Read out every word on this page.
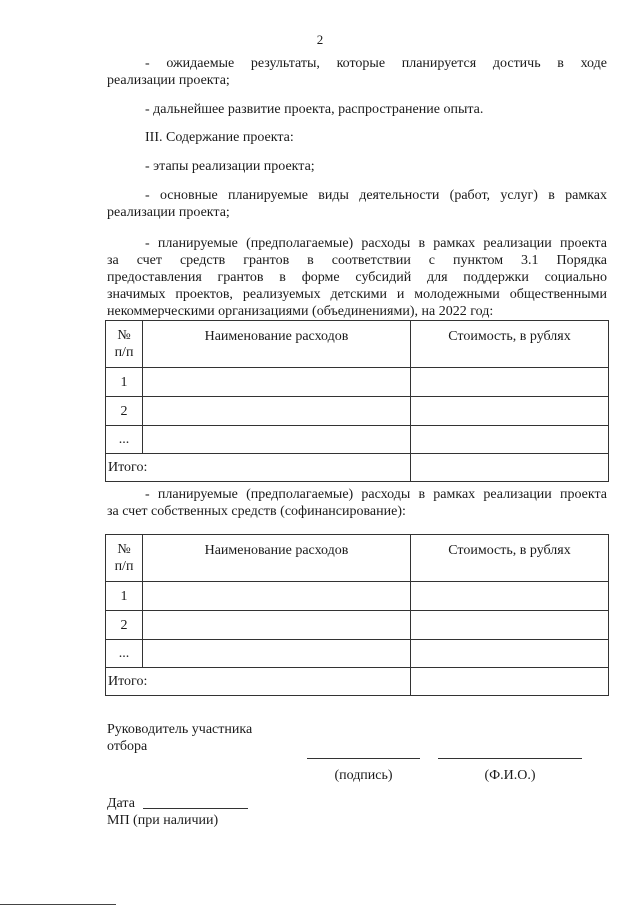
2
- ожидаемые результаты, которые планируется достичь в ходе
реализации проекта;
- дальнейшее развитие проекта, распространение опыта.
III. Содержание проекта:
- этапы реализации проекта;
- основные планируемые виды деятельности (работ, услуг) в рамках
реализации проекта;
- планируемые (предполагаемые) расходы в рамках реализации проекта
за счет средств грантов в соответствии с пунктом 3.1 Порядка
предоставления грантов в форме субсидий для поддержки социально
значимых проектов, реализуемых детскими и молодежными общественными
некоммерческими организациями (объединениями), на 2022 год:
№
п/п	Наименование расходов	Стоимость, в рублях
1		
2		
...		
Итого:		
- планируемые (предполагаемые) расходы в рамках реализации проекта
за счет собственных средств (софинансирование):
№
п/п	Наименование расходов	Стоимость, в рублях
1		
2		
...		
Итого:		
Руководитель участника
отбора
(подпись)	(Ф.И.О.)
Дата
МП (при наличии)
